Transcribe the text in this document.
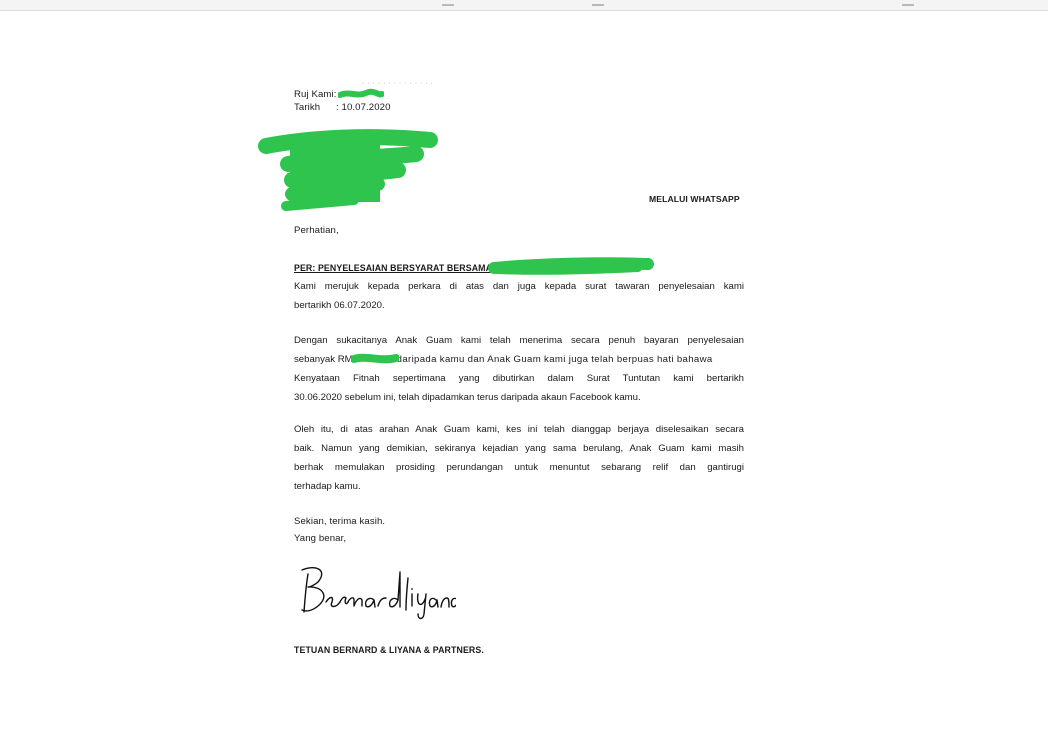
· · · · · · · · · · · · · ·
Ruj Kami:
Tarikh : 10.07.2020
MELALUI WHATSAPP
Perhatian,
PER: PENYELESAIAN BERSYARAT BERSAMA
Kami merujuk kepada perkara di atas dan juga kepada surat tawaran penyelesaian kami
bertarikh 06.07.2020.
Dengan sukacitanya Anak Guam kami telah menerima secara penuh bayaran penyelesaian
sebanyak RM	daripada kamu dan Anak Guam kami juga telah berpuas hati bahawa
Kenyataan Fitnah sepertimana yang dibutirkan dalam Surat Tuntutan kami bertarikh
30.06.2020 sebelum ini, telah dipadamkan terus daripada akaun Facebook kamu.
Oleh itu, di atas arahan Anak Guam kami, kes ini telah dianggap berjaya diselesaikan secara
baik. Namun yang demikian, sekiranya kejadian yang sama berulang, Anak Guam kami masih
berhak memulakan prosiding perundangan untuk menuntut sebarang relif dan gantirugi
terhadap kamu.
Sekian, terima kasih.
Yang benar,
TETUAN BERNARD & LIYANA & PARTNERS.
